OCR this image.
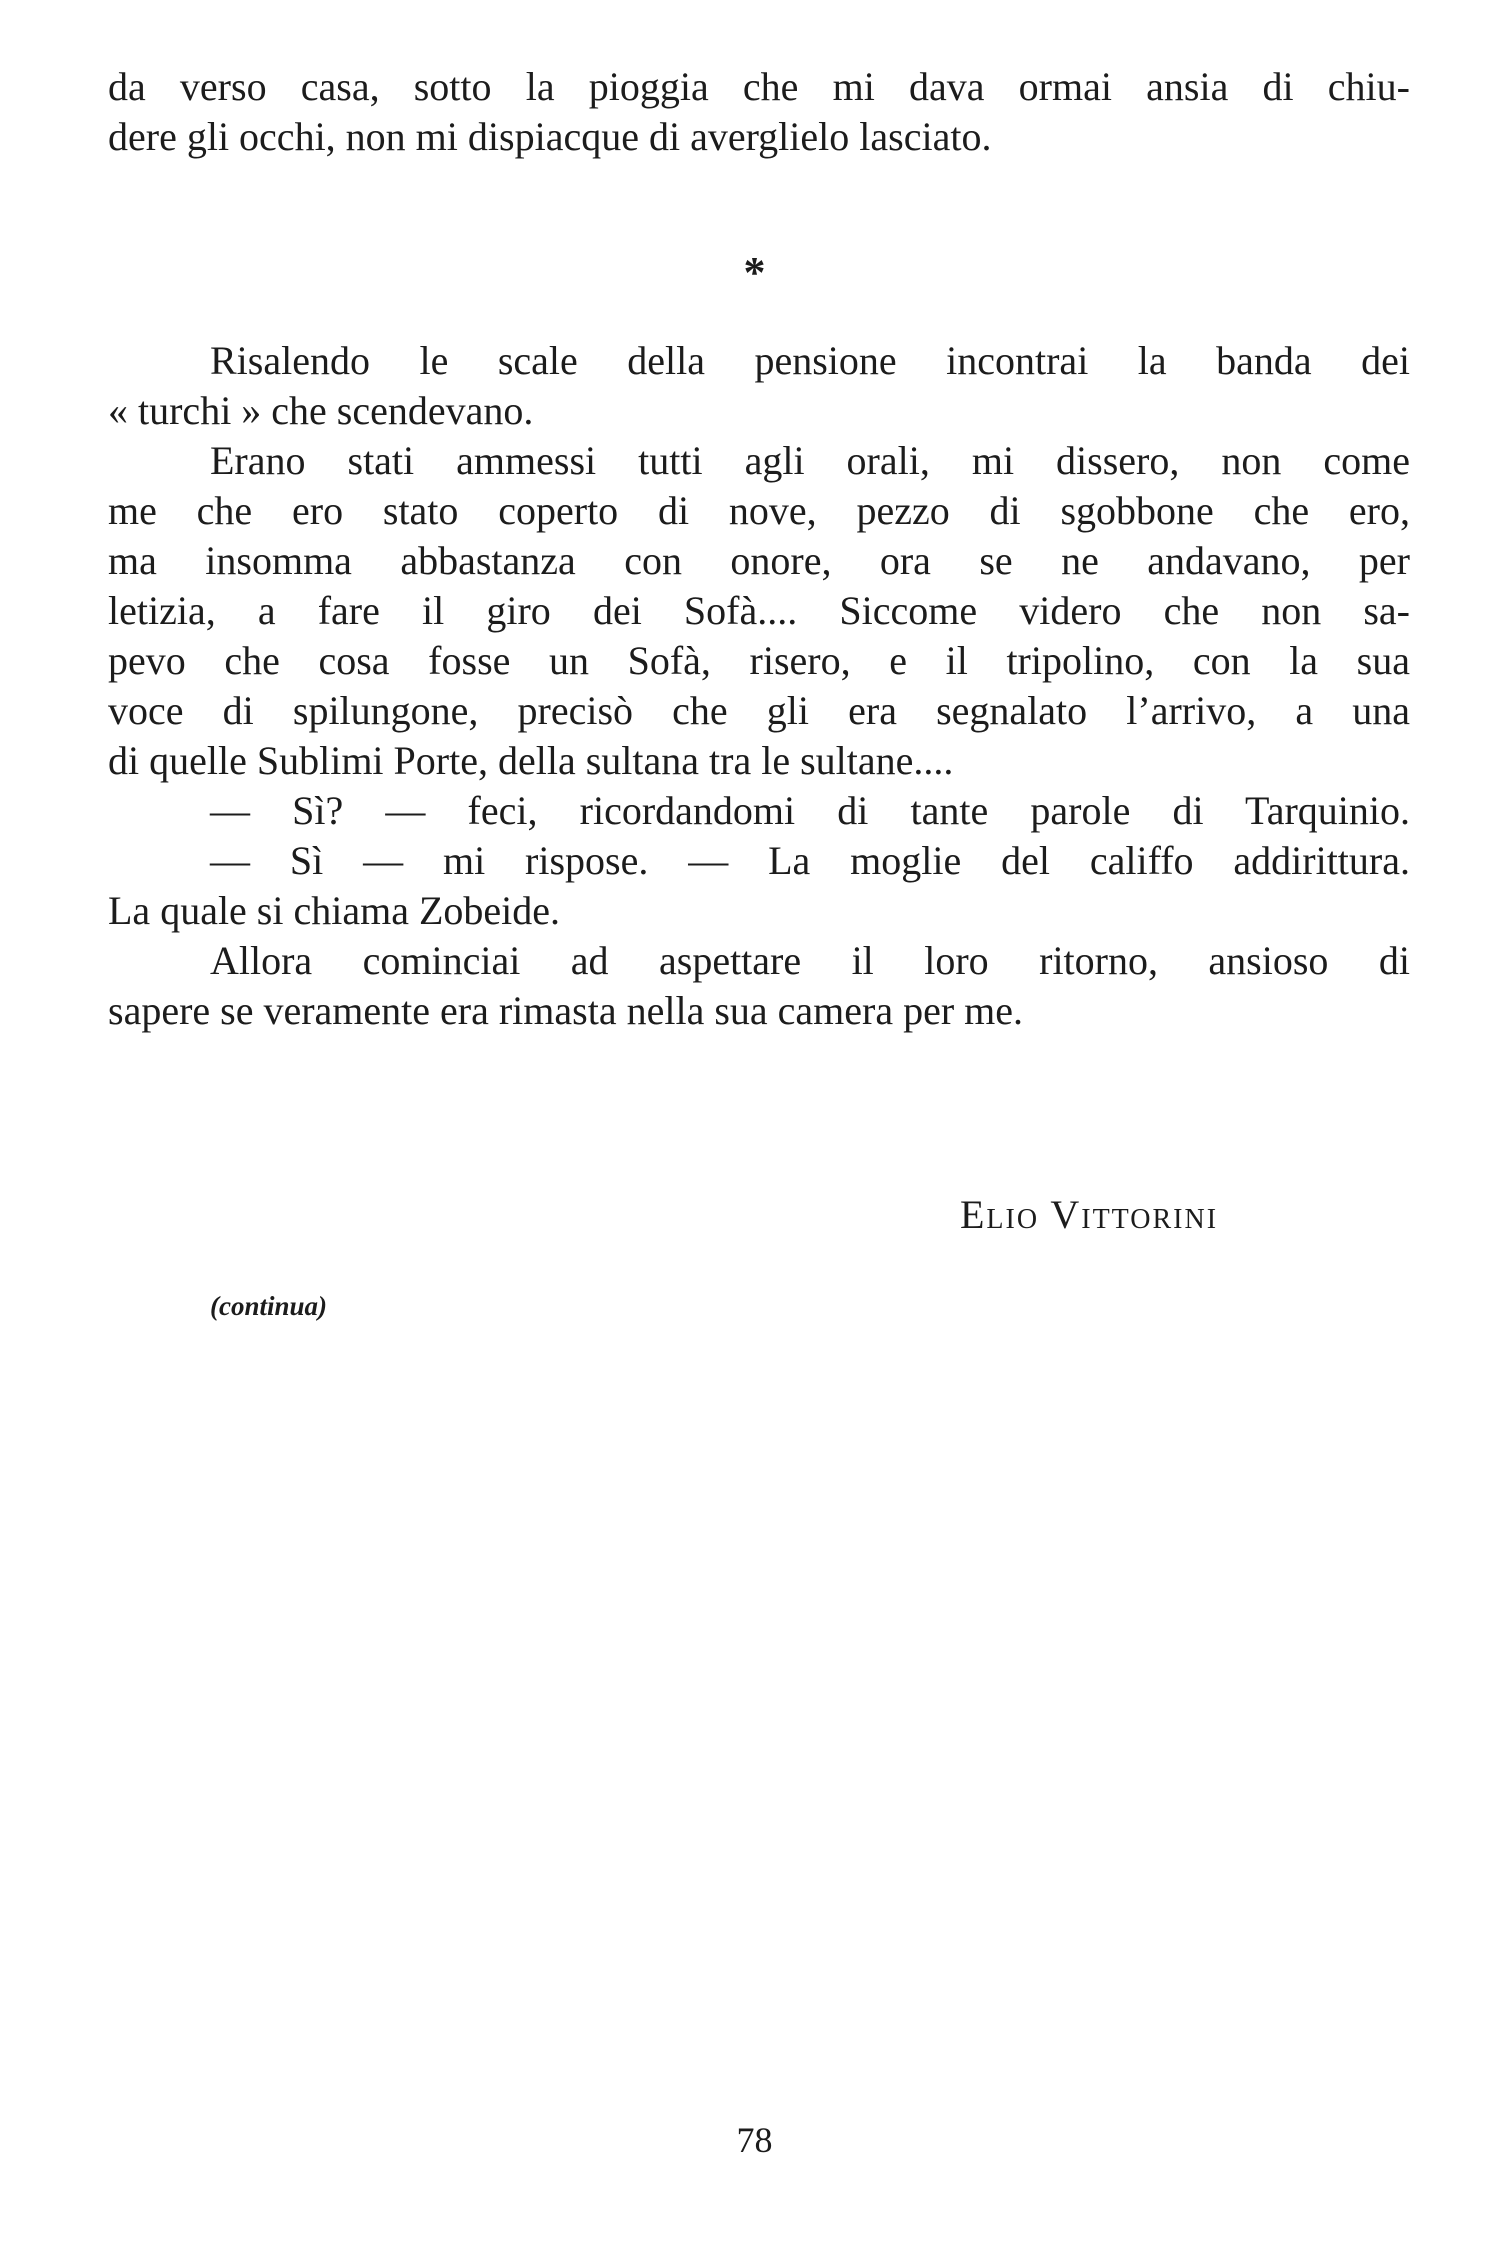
da verso casa, sotto la pioggia che mi dava ormai ansia di chiu-
dere gli occhi, non mi dispiacque di averglielo lasciato.
*
Risalendo le scale della pensione incontrai la banda dei
« turchi » che scendevano.
Erano stati ammessi tutti agli orali, mi dissero, non come
me che ero stato coperto di nove, pezzo di sgobbone che ero,
ma insomma abbastanza con onore, ora se ne andavano, per
letizia, a fare il giro dei Sofà.... Siccome videro che non sa-
pevo che cosa fosse un Sofà, risero, e il tripolino, con la sua
voce di spilungone, precisò che gli era segnalato l’arrivo, a una
di quelle Sublimi Porte, della sultana tra le sultane....
— Sì? — feci, ricordandomi di tante parole di Tarquinio.
— Sì — mi rispose. — La moglie del califfo addirittura.
La quale si chiama Zobeide.
Allora cominciai ad aspettare il loro ritorno, ansioso di
sapere se veramente era rimasta nella sua camera per me.
Elio Vittorini
(continua)
78
